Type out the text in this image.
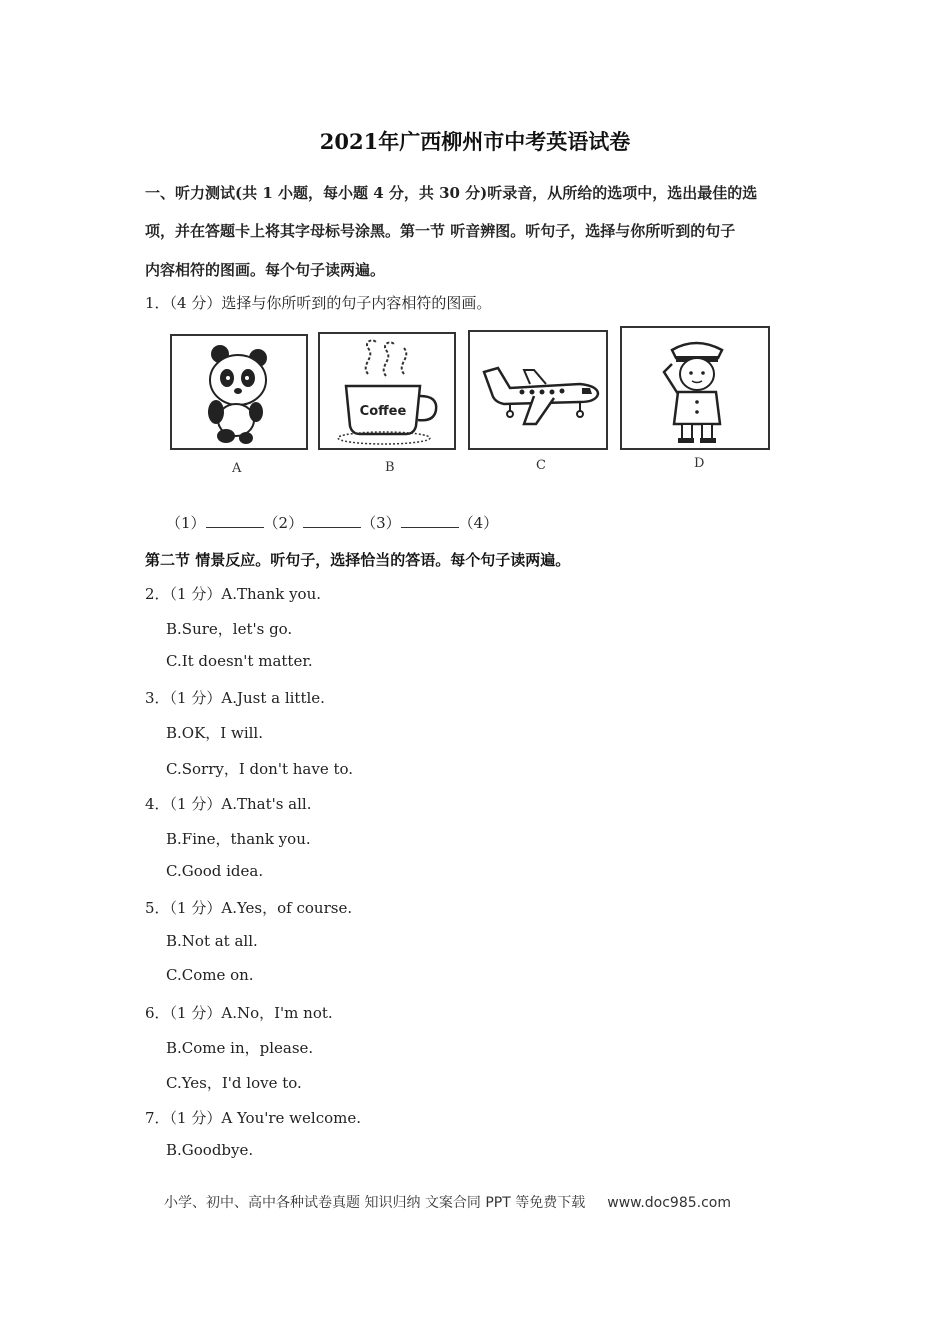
2021年广西柳州市中考英语试卷
一、听力测试(共 1 小题，每小题 4 分，共 30 分)听录音，从所给的选项中，选出最佳的选
项，并在答题卡上将其字母标号涂黑。第一节 听音辨图。听句子，选择与你所听到的句子
内容相符的图画。每个句子读两遍。
1．（4 分）选择与你所听到的句子内容相符的图画。
Coffee
A	B	C	D
（1）	（2）	（3）	（4）
第二节 情景反应。听句子，选择恰当的答语。每个句子读两遍。
2．（1 分）A.Thank you.
B.Sure，let's go.
C.It doesn't matter.
3．（1 分）A.Just a little.
B.OK，I will.
C.Sorry，I don't have to.
4．（1 分）A.That's all.
B.Fine，thank you.
C.Good idea.
5．（1 分）A.Yes，of course.
B.Not at all.
C.Come on.
6．（1 分）A.No，I'm not.
B.Come in，please.
C.Yes，I'd love to.
7．（1 分）A You're welcome.
B.Goodbye.
小学、初中、高中各种试卷真题 知识归纳 文案合同 PPT 等免费下载 www.doc985.com
